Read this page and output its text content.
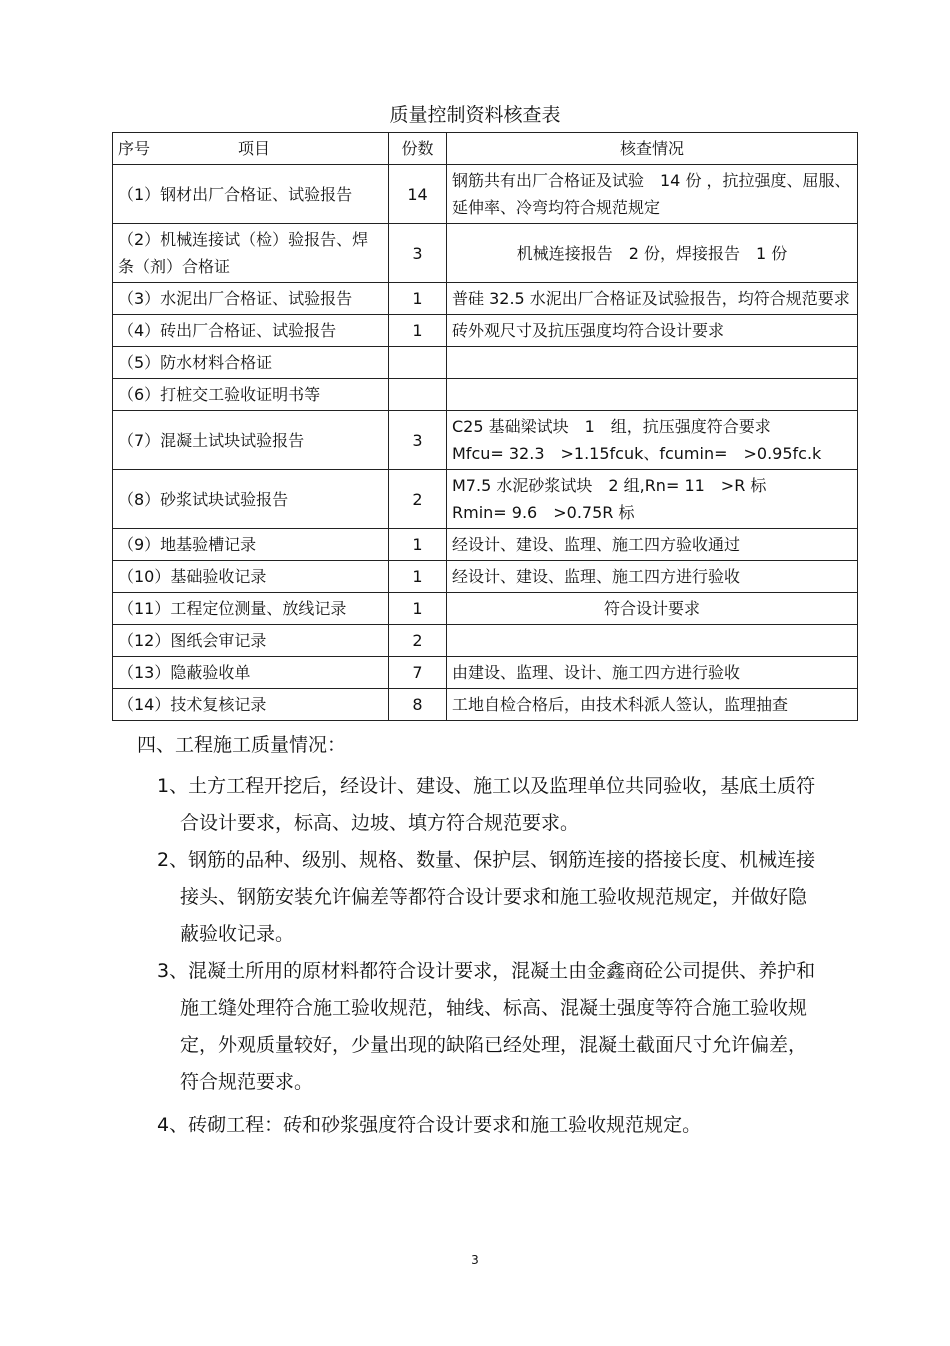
质量控制资料核查表
序号 项目	份数	核查情况
（1）钢材出厂合格证、试验报告	14	钢筋共有出厂合格证及试验　14 份 ，抗拉强度、屈服、延伸率、冷弯均符合规范规定
（2）机械连接试（检）验报告、焊条（剂）合格证	3	机械连接报告　2 份，焊接报告　1 份
（3）水泥出厂合格证、试验报告	1	普硅 32.5 水泥出厂合格证及试验报告，均符合规范要求
（4）砖出厂合格证、试验报告	1	砖外观尺寸及抗压强度均符合设计要求
（5）防水材料合格证		
（6）打桩交工验收证明书等		
（7）混凝土试块试验报告	3	C25 基础梁试块　1　组，抗压强度符合要求
Mfcu= 32.3　>1.15fcuk、fcumin=　>0.95fc.k

（8）砂浆试块试验报告	2	M7.5 水泥砂浆试块　2 组,Rn= 11　>R 标
Rmin= 9.6　>0.75R 标

（9）地基验槽记录	1	经设计、建设、监理、施工四方验收通过
（10）基础验收记录	1	经设计、建设、监理、施工四方进行验收
（11）工程定位测量、放线记录	1	符合设计要求
（12）图纸会审记录	2	
（13）隐蔽验收单	7	由建设、监理、设计、施工四方进行验收
（14）技术复核记录	8	工地自检合格后，由技术科派人签认，监理抽查
四、工程施工质量情况：
1、土方工程开挖后，经设计、建设、施工以及监理单位共同验收，基底土质符合设计要求，标高、边坡、填方符合规范要求。
2、钢筋的品种、级别、规格、数量、保护层、钢筋连接的搭接长度、机械连接接头、钢筋安装允许偏差等都符合设计要求和施工验收规范规定，并做好隐蔽验收记录。
3、混凝土所用的原材料都符合设计要求，混凝土由金鑫商砼公司提供、养护和施工缝处理符合施工验收规范，轴线、标高、混凝土强度等符合施工验收规定，外观质量较好，少量出现的缺陷已经处理，混凝土截面尺寸允许偏差，符合规范要求。
4、砖砌工程：砖和砂浆强度符合设计要求和施工验收规范规定。
3
